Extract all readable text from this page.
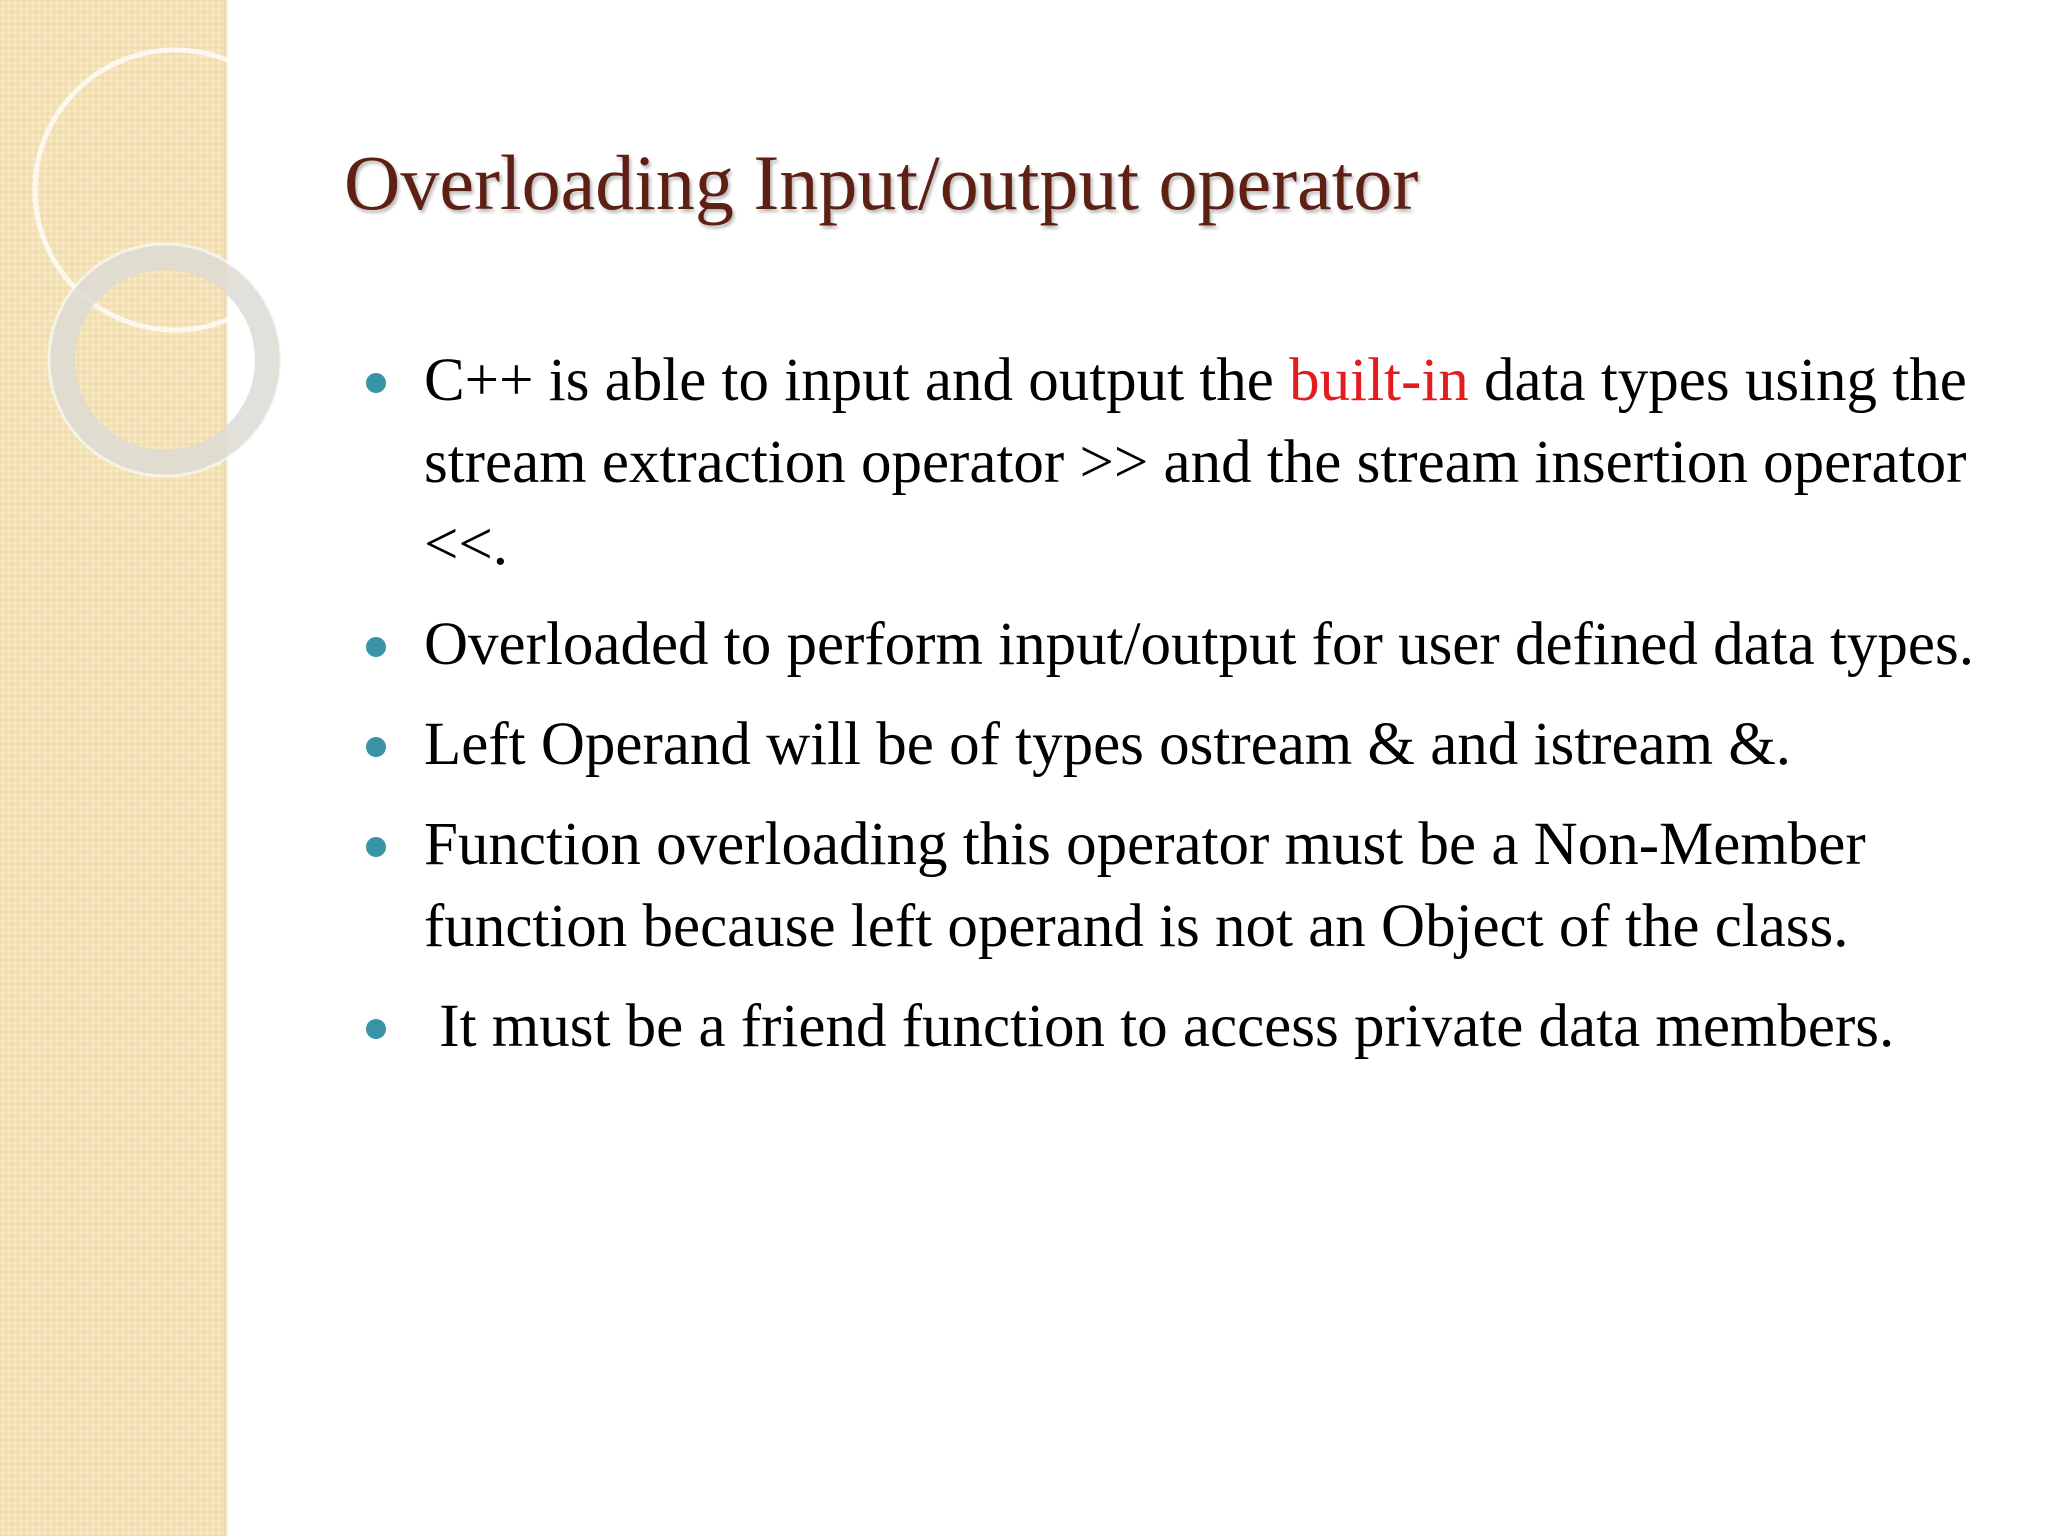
Overloading Input/output operator
C++ is able to input and output the built-in data types using the stream extraction operator >> and the stream insertion operator <<.
Overloaded to perform input/output for user defined data types.
Left Operand will be of types ostream & and istream &.
Function overloading this operator must be a Non-Member function because left operand is not an Object of the class.
It must be a friend function to access private data members.
